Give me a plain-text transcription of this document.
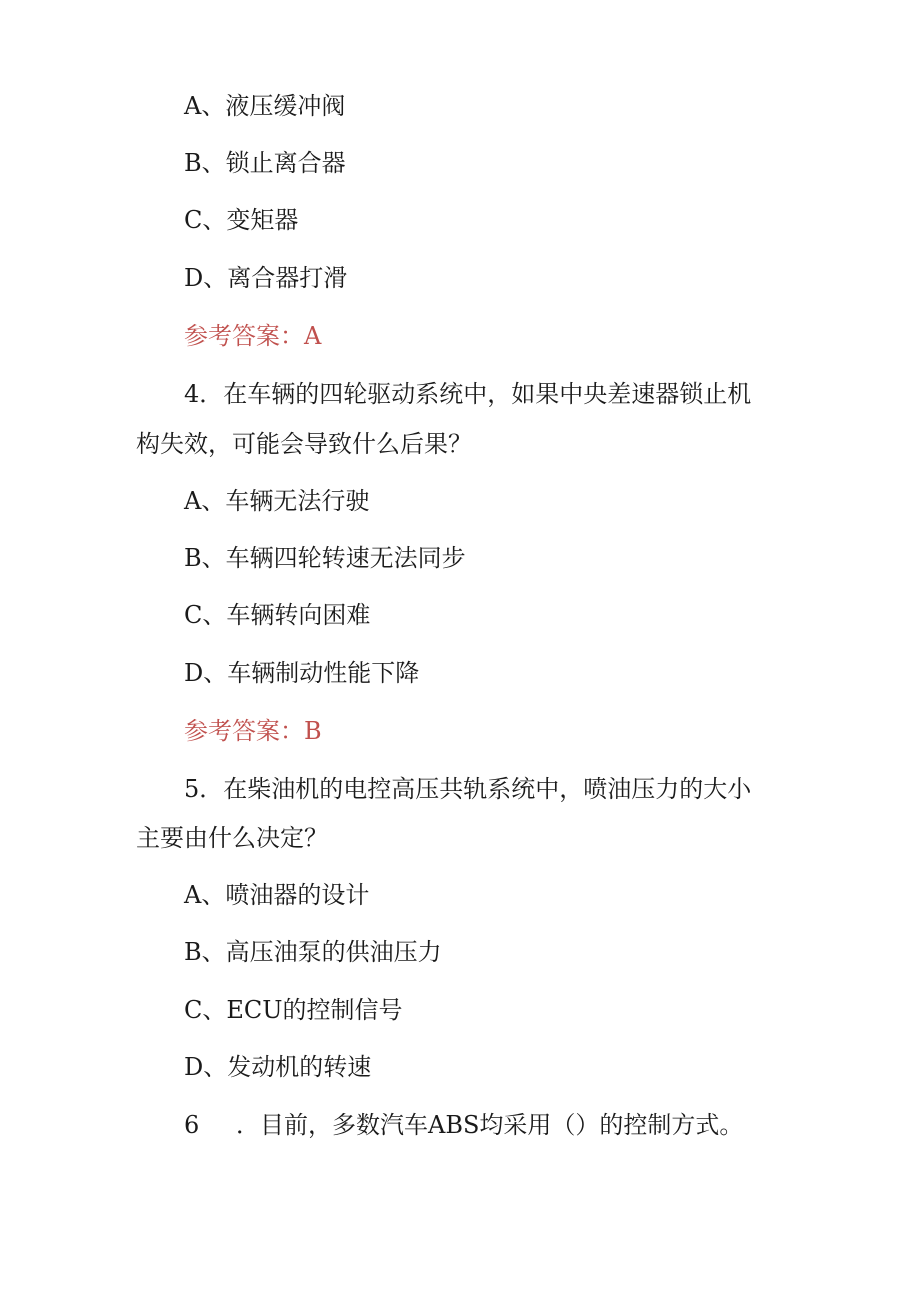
A、液压缓冲阀
B、锁止离合器
C、变矩器
D、离合器打滑
参考答案：A
4．在车辆的四轮驱动系统中，如果中央差速器锁止机
构失效，可能会导致什么后果？
A、车辆无法行驶
B、车辆四轮转速无法同步
C、车辆转向困难
D、车辆制动性能下降
参考答案：B
5．在柴油机的电控高压共轨系统中，喷油压力的大小
主要由什么决定？
A、喷油器的设计
B、高压油泵的供油压力
C、ECU的控制信号
D、发动机的转速
6 ．目前，多数汽车ABS均采用（）的控制方式。
